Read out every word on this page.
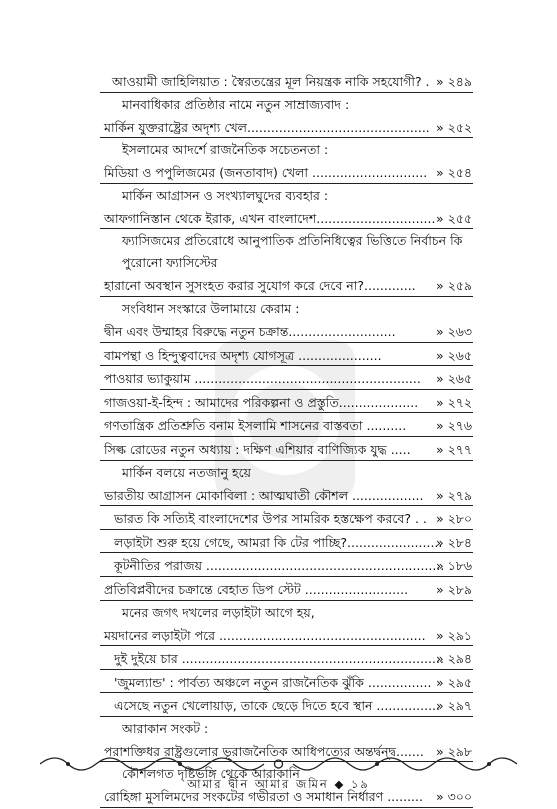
আওয়ামী জাহিলিয়াত : স্বৈরতন্ত্রের মূল নিয়ন্ত্রক নাকি সহযোগী? . » ২৪৯
মানবাধিকার প্রতিষ্ঠার নামে নতুন সাম্রাজ্যবাদ :
মার্কিন যুক্তরাষ্ট্রের অদৃশ্য খেল.............................................. » ২৫২
ইসলামের আদর্শে রাজনৈতিক সচেতনতা :
মিডিয়া ও পপুলিজমের (জনতাবাদ) খেলা ............................. » ২৫৪
মার্কিন আগ্রাসন ও সংখ্যালঘুদের ব্যবহার :
আফগানিস্তান থেকে ইরাক, এখন বাংলাদেশ.............................. » ২৫৫
ফ্যাসিজমের প্রতিরোধে আনুপাতিক প্রতিনিধিত্বের ভিত্তিতে নির্বাচন কি
পুরোনো ফ্যাসিস্টের
হারানো অবস্থান সুসংহত করার সুযোগ করে দেবে না?............. » ২৫৯
সংবিধান সংস্কারে উলামায়ে কেরাম :
দ্বীন এবং উম্মাহর বিরুদ্ধে নতুন চক্রান্ত...........................	» ২৬৩
বামপন্থা ও হিন্দুত্ববাদের অদৃশ্য যোগসূত্র .....................	» ২৬৫
পাওয়ার ভ্যাকুয়াম ......................................................... » ২৬৫
গাজওয়া-ই-হিন্দ : আমাদের পরিকল্পনা ও প্রস্তুতি.................... » ২৭২
গণতান্ত্রিক প্রতিশ্রুতি বনাম ইসলামি শাসনের বাস্তবতা .......... » ২৭৬
সিল্ক রোডের নতুন অধ্যায় : দক্ষিণ এশিয়ার বাণিজ্যিক যুদ্ধ ..... » ২৭৭
মার্কিন বলয়ে নতজানু হয়ে
ভারতীয় আগ্রাসন মোকাবিলা : আত্মঘাতী কৌশল .................. » ২৭৯
ভারত কি সত্যিই বাংলাদেশের উপর সামরিক হস্তক্ষেপ করবে? . . » ২৮০
লড়াইটা শুরু হয়ে গেছে, আমরা কি টের পাচ্ছি?........................
» ২৮৪
কূটনীতির পরাজয় ............................................................
» ১৮৬
প্রতিবিপ্লবীদের চক্রান্তে বেহাত ডিপ স্টেট .......................... » ২৮৯
মনের জগৎ দখলের লড়াইটা আগে হয়,
ময়দানের লড়াইটা পরে .................................................... » ২৯১
দুই দুইয়ে চার ..................................................................
» ২৯৪
'জুমল্যান্ড' : পার্বত্য অঞ্চলে নতুন রাজনৈতিক ঝুঁকি ................ » ২৯৫
এসেছে নতুন খেলোয়াড়, তাকে ছেড়ে দিতে হবে স্থান ................
» ২৯৭
আরাকান সংকট :
পরাশক্তিধর রাষ্ট্রগুলোর ভূরাজনৈতিক আধিপত্যের অন্তর্দ্বন্দ্ব....... » ২৯৮
কৌশলগত দৃষ্টিভঙ্গি থেকে আরাকানি
রোহিঙ্গা মুসলিমদের সংকটের গভীরতা ও সমাধান নির্ধারণ ......... » ৩০০
আমার দ্বীন আমার জমিন ◆ ১৯
